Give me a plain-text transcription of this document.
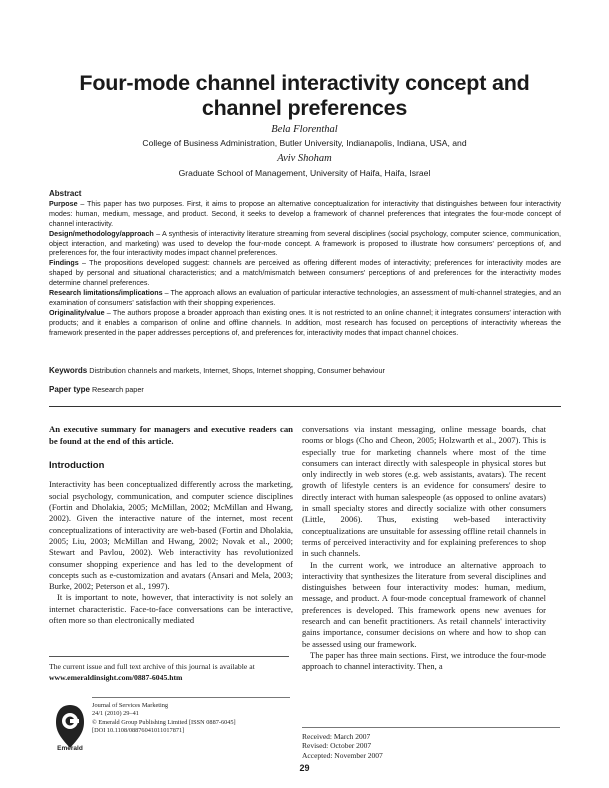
Four-mode channel interactivity concept and channel preferences
Bela Florenthal
College of Business Administration, Butler University, Indianapolis, Indiana, USA, and
Aviv Shoham
Graduate School of Management, University of Haifa, Haifa, Israel
Abstract

Purpose – This paper has two purposes. First, it aims to propose an alternative conceptualization for interactivity that distinguishes between four interactivity modes: human, medium, message, and product. Second, it seeks to develop a framework of channel preferences that integrates the four-mode concept of channel interactivity.

Design/methodology/approach – A synthesis of interactivity literature streaming from several disciplines (social psychology, computer science, communication, object interaction, and marketing) was used to develop the four-mode concept. A framework is proposed to illustrate how consumers' perceptions of, and preferences for, the four interactivity modes impact channel preferences.

Findings – The propositions developed suggest: channels are perceived as offering different modes of interactivity; preferences for interactivity modes are shaped by personal and situational characteristics; and a match/mismatch between consumers' perceptions of and preferences for the interactivity modes determine channel preferences.

Research limitations/implications – The approach allows an evaluation of particular interactive technologies, an assessment of multi-channel strategies, and an examination of consumers' satisfaction with their shopping experiences.

Originality/value – The authors propose a broader approach than existing ones. It is not restricted to an online channel; it integrates consumers' interaction with products; and it enables a comparison of online and offline channels. In addition, most research has focused on perceptions of interactivity whereas the framework presented in the paper addresses perceptions of, and preferences for, interactivity modes that impact channel choices.

Keywords Distribution channels and markets, Internet, Shops, Internet shopping, Consumer behaviour
Paper type Research paper

An executive summary for managers and executive readers can be found at the end of this article.

Introduction

Interactivity has been conceptualized differently across the marketing, social psychology, communication, and computer science disciplines (Fortin and Dholakia, 2005; McMillan, 2002; McMillan and Hwang, 2002). Given the interactive nature of the internet, most recent conceptualizations of interactivity are web-based (Fortin and Dholakia, 2005; Liu, 2003; McMillan and Hwang, 2002; Novak et al., 2000; Stewart and Pavlou, 2002). Web interactivity has revolutionized consumer shopping experience and has led to the development of concepts such as e-customization and avatars (Ansari and Mela, 2003; Burke, 2002; Peterson et al., 1997).

It is important to note, however, that interactivity is not solely an internet characteristic. Face-to-face conversations can be interactive, often more so than electronically mediated

conversations via instant messaging, online message boards, chat rooms or blogs (Cho and Cheon, 2005; Holzwarth et al., 2007). This is especially true for marketing channels where most of the time consumers can interact directly with salespeople in physical stores but only indirectly in web stores (e.g. web assistants, avatars). The recent growth of lifestyle centers is an evidence for consumers' desire to directly interact with human salespeople (as opposed to online avatars) in small specialty stores and directly socialize with other consumers (Little, 2006). Thus, existing web-based interactivity conceptualizations are unsuitable for assessing offline retail channels in terms of perceived interactivity and for explaining preferences to shop in such channels.

In the current work, we introduce an alternative approach to interactivity that synthesizes the literature from several disciplines and distinguishes between four interactivity modes: human, medium, message, and product. A four-mode conceptual framework of channel preferences is developed. This framework opens new avenues for research and can benefit practitioners. As retail channels' interactivity gains importance, consumer decisions on where and how to shop can be assessed using our framework.

The paper has three main sections. First, we introduce the four-mode approach to channel interactivity. Then, a

The current issue and full text archive of this journal is available at
www.emeraldinsight.com/0887-6045.htm
Emerald
Journal of Services Marketing
24/1 (2010) 29–41
© Emerald Group Publishing Limited [ISSN 0887-6045]
[DOI 10.1108/08876041011017871]
Received: March 2007
Revised: October 2007
Accepted: November 2007
29
